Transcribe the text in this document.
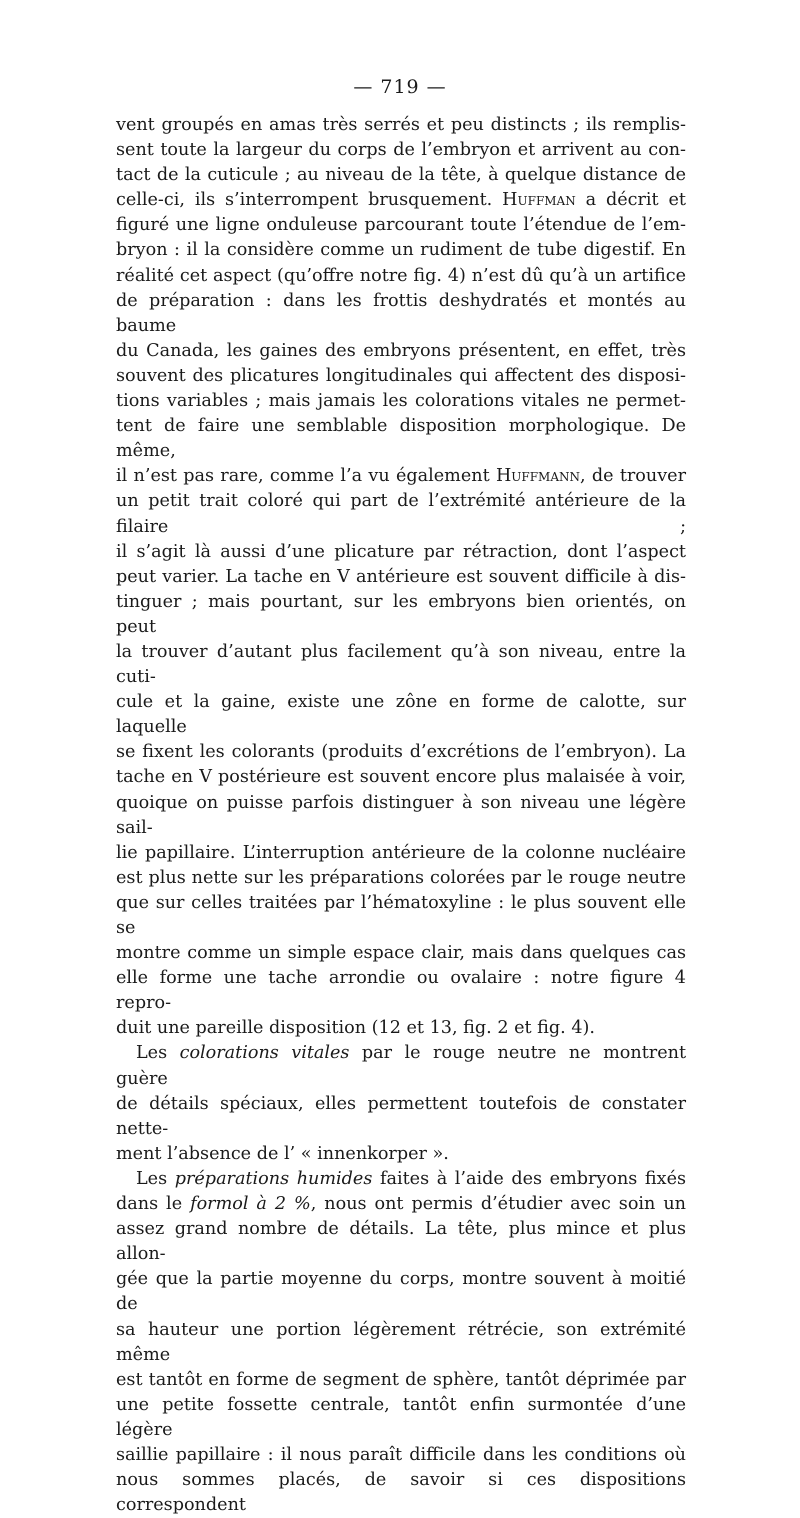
— 719 —

vent groupés en amas très serrés et peu distincts ; ils remplis-

sent toute la largeur du corps de l’embryon et arrivent au con-

tact de la cuticule ; au niveau de la tête, à quelque distance de

celle-ci, ils s’interrompent brusquement. Huffman a décrit et

figuré une ligne onduleuse parcourant toute l’étendue de l’em-

bryon : il la considère comme un rudiment de tube digestif. En

réalité cet aspect (qu’offre notre fig. 4) n’est dû qu’à un artifice

de préparation : dans les frottis deshydratés et montés au baume

du Canada, les gaines des embryons présentent, en effet, très

souvent des plicatures longitudinales qui affectent des disposi-

tions variables ; mais jamais les colorations vitales ne permet-

tent de faire une semblable disposition morphologique. De même,

il n’est pas rare, comme l’a vu également Huffmann, de trouver

un petit trait coloré qui part de l’extrémité antérieure de la filaire ;

il s’agit là aussi d’une plicature par rétraction, dont l’aspect

peut varier. La tache en V antérieure est souvent difficile à dis-

tinguer ; mais pourtant, sur les embryons bien orientés, on peut

la trouver d’autant plus facilement qu’à son niveau, entre la cuti-

cule et la gaine, existe une zône en forme de calotte, sur laquelle

se fixent les colorants (produits d’excrétions de l’embryon). La

tache en V postérieure est souvent encore plus malaisée à voir,

quoique on puisse parfois distinguer à son niveau une légère sail-

lie papillaire. L’interruption antérieure de la colonne nucléaire

est plus nette sur les préparations colorées par le rouge neutre

que sur celles traitées par l’hématoxyline : le plus souvent elle se

montre comme un simple espace clair, mais dans quelques cas

elle forme une tache arrondie ou ovalaire : notre figure 4 repro-

duit une pareille disposition (12 et 13, fig. 2 et fig. 4).

Les colorations vitales par le rouge neutre ne montrent guère

de détails spéciaux, elles permettent toutefois de constater nette-

ment l’absence de l’ « innenkorper ».

Les préparations humides faites à l’aide des embryons fixés

dans le formol à 2 %, nous ont permis d’étudier avec soin un

assez grand nombre de détails. La tête, plus mince et plus allon-

gée que la partie moyenne du corps, montre souvent à moitié de

sa hauteur une portion légèrement rétrécie, son extrémité même

est tantôt en forme de segment de sphère, tantôt déprimée par

une petite fossette centrale, tantôt enfin surmontée d’une légère

saillie papillaire : il nous paraît difficile dans les conditions où

nous sommes placés, de savoir si ces dispositions correspondent
